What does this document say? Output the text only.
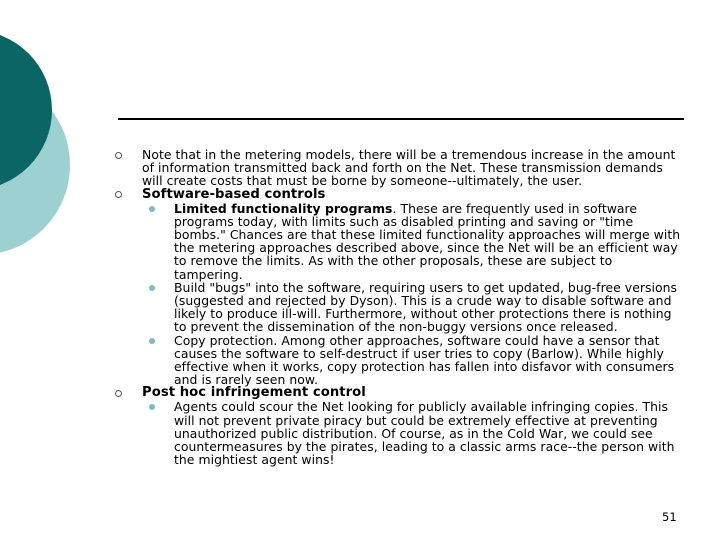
Note that in the metering models, there will be a tremendous increase in the amount of information transmitted back and forth on the Net. These transmission demands will create costs that must be borne by someone--ultimately, the user.
Software-based controls
Limited functionality programs. These are frequently used in software programs today, with limits such as disabled printing and saving or "time bombs." Chances are that these limited functionality approaches will merge with the metering approaches described above, since the Net will be an efficient way to remove the limits. As with the other proposals, these are subject to tampering.
Build "bugs" into the software, requiring users to get updated, bug-free versions (suggested and rejected by Dyson). This is a crude way to disable software and likely to produce ill-will. Furthermore, without other protections there is nothing to prevent the dissemination of the non-buggy versions once released.
Copy protection. Among other approaches, software could have a sensor that causes the software to self-destruct if user tries to copy (Barlow). While highly effective when it works, copy protection has fallen into disfavor with consumers and is rarely seen now.
Post hoc infringement control
Agents could scour the Net looking for publicly available infringing copies. This will not prevent private piracy but could be extremely effective at preventing unauthorized public distribution. Of course, as in the Cold War, we could see countermeasures by the pirates, leading to a classic arms race--the person with the mightiest agent wins!
51
